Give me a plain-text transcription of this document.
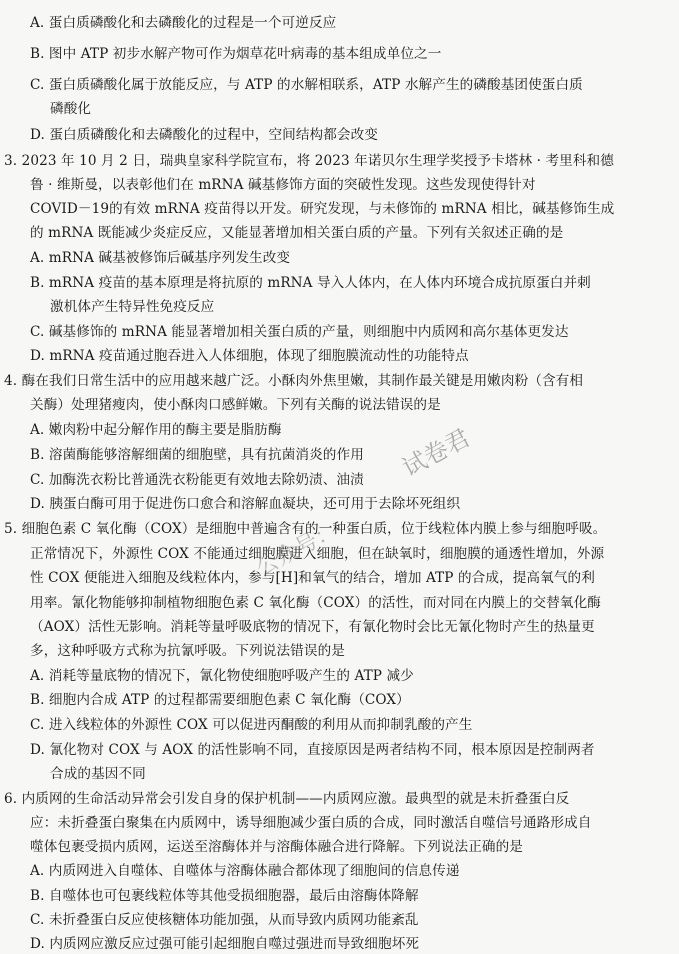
A. 蛋白质磷酸化和去磷酸化的过程是一个可逆反应
B. 图中 ATP 初步水解产物可作为烟草花叶病毒的基本组成单位之一
C. 蛋白质磷酸化属于放能反应，与 ATP 的水解相联系，ATP 水解产生的磷酸基团使蛋白质
磷酸化
D. 蛋白质磷酸化和去磷酸化的过程中，空间结构都会改变
3. 2023 年 10 月 2 日，瑞典皇家科学院宣布，将 2023 年诺贝尔生理学奖授予卡塔林 · 考里科和德
鲁 · 维斯曼，以表彰他们在 mRNA 碱基修饰方面的突破性发现。这些发现使得针对
COVID－19的有效 mRNA 疫苗得以开发。研究发现，与未修饰的 mRNA 相比，碱基修饰生成
的 mRNA 既能减少炎症反应，又能显著增加相关蛋白质的产量。下列有关叙述正确的是
A. mRNA 碱基被修饰后碱基序列发生改变
B. mRNA 疫苗的基本原理是将抗原的 mRNA 导入人体内，在人体内环境合成抗原蛋白并刺
激机体产生特异性免疫反应
C. 碱基修饰的 mRNA 能显著增加相关蛋白质的产量，则细胞中内质网和高尔基体更发达
D. mRNA 疫苗通过胞吞进入人体细胞，体现了细胞膜流动性的功能特点
4. 酶在我们日常生活中的应用越来越广泛。小酥肉外焦里嫩，其制作最关键是用嫩肉粉（含有相
关酶）处理猪瘦肉，使小酥肉口感鲜嫩。下列有关酶的说法错误的是
A. 嫩肉粉中起分解作用的酶主要是脂肪酶
B. 溶菌酶能够溶解细菌的细胞壁，具有抗菌消炎的作用
C. 加酶洗衣粉比普通洗衣粉能更有效地去除奶渍、油渍
D. 胰蛋白酶可用于促进伤口愈合和溶解血凝块，还可用于去除坏死组织
5. 细胞色素 C 氧化酶（COX）是细胞中普遍含有的一种蛋白质，位于线粒体内膜上参与细胞呼吸。
正常情况下，外源性 COX 不能通过细胞膜进入细胞，但在缺氧时，细胞膜的通透性增加，外源
性 COX 便能进入细胞及线粒体内，参与[H]和氧气的结合，增加 ATP 的合成，提高氧气的利
用率。氰化物能够抑制植物细胞色素 C 氧化酶（COX）的活性，而对同在内膜上的交替氧化酶
（AOX）活性无影响。消耗等量呼吸底物的情况下，有氰化物时会比无氰化物时产生的热量更
多，这种呼吸方式称为抗氰呼吸。下列说法错误的是
A. 消耗等量底物的情况下，氰化物使细胞呼吸产生的 ATP 减少
B. 细胞内合成 ATP 的过程都需要细胞色素 C 氧化酶（COX）
C. 进入线粒体的外源性 COX 可以促进丙酮酸的利用从而抑制乳酸的产生
D. 氰化物对 COX 与 AOX 的活性影响不同，直接原因是两者结构不同，根本原因是控制两者
合成的基因不同
6. 内质网的生命活动异常会引发自身的保护机制——内质网应激。最典型的就是未折叠蛋白反
应：未折叠蛋白聚集在内质网中，诱导细胞减少蛋白质的合成，同时激活自噬信号通路形成自
噬体包裹受损内质网，运送至溶酶体并与溶酶体融合进行降解。下列说法正确的是
A. 内质网进入自噬体、自噬体与溶酶体融合都体现了细胞间的信息传递
B. 自噬体也可包裹线粒体等其他受损细胞器，最后由溶酶体降解
C. 未折叠蛋白反应使核糖体功能加强，从而导致内质网功能紊乱
D. 内质网应激反应过强可能引起细胞自噬过强进而导致细胞坏死
试卷君
公众号：
